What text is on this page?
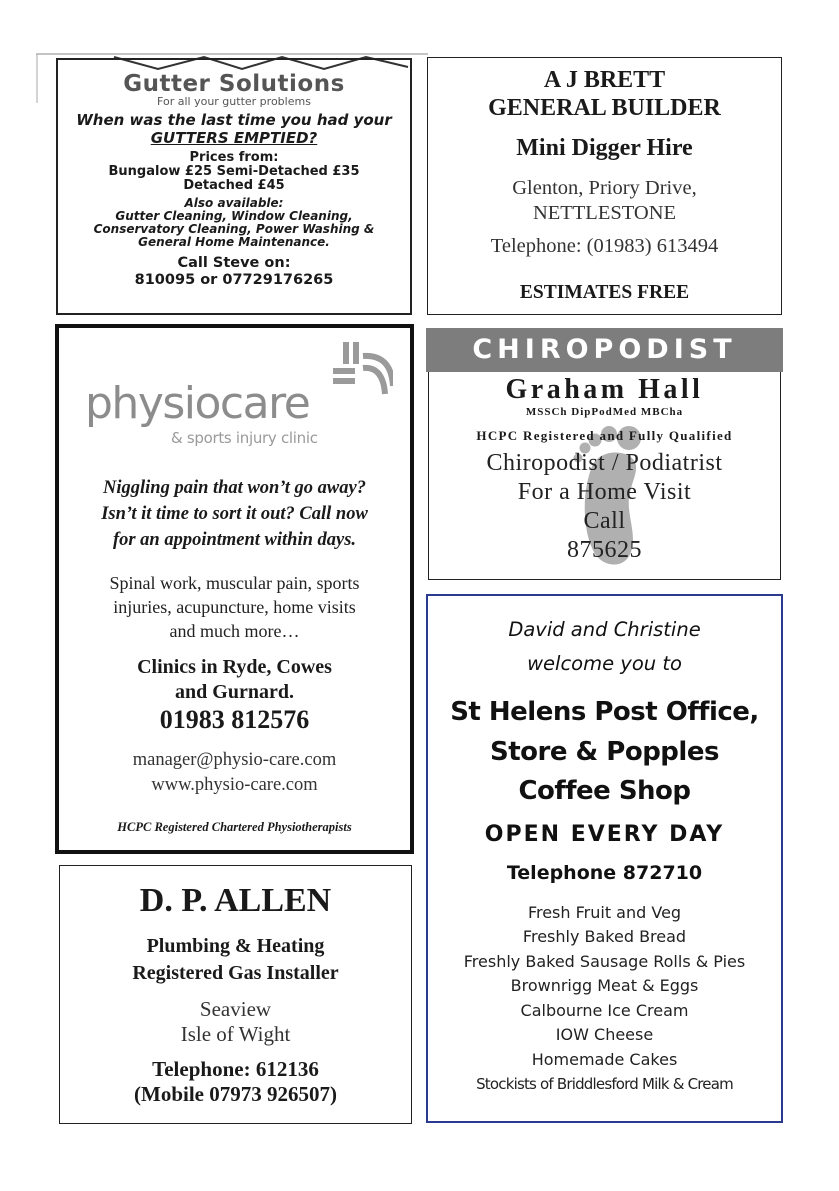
Gutter Solutions
For all your gutter problems
When was the last time you had your
GUTTERS EMPTIED?
Prices from:
Bungalow £25 Semi-Detached £35
Detached £45
Also available:
Gutter Cleaning, Window Cleaning,
Conservatory Cleaning, Power Washing &
General Home Maintenance.
Call Steve on:
810095 or 07729176265
A J BRETT
GENERAL BUILDER
Mini Digger Hire
Glenton, Priory Drive,
NETTLESTONE
Telephone: (01983) 613494
ESTIMATES FREE
physiocare
& sports injury clinic
Niggling pain that won’t go away?
Isn’t it time to sort it out? Call now
for an appointment within days.
Spinal work, muscular pain, sports
injuries, acupuncture, home visits
and much more…
Clinics in Ryde, Cowes
and Gurnard.
01983 812576
manager@physio-care.com
www.physio-care.com
HCPC Registered Chartered Physiotherapists
CHIROPODIST
Graham Hall
MSSCh DipPodMed MBCha
HCPC Registered and Fully Qualified
Chiropodist / Podiatrist
For a Home Visit
Call
875625
D. P. ALLEN
Plumbing & Heating
Registered Gas Installer
Seaview
Isle of Wight
Telephone: 612136
(Mobile 07973 926507)
David and Christine
welcome you to
St Helens Post Office,
Store & Popples
Coffee Shop
OPEN EVERY DAY
Telephone 872710
Fresh Fruit and Veg
Freshly Baked Bread
Freshly Baked Sausage Rolls & Pies
Brownrigg Meat & Eggs
Calbourne Ice Cream
IOW Cheese
Homemade Cakes
Stockists of Briddlesford Milk & Cream
